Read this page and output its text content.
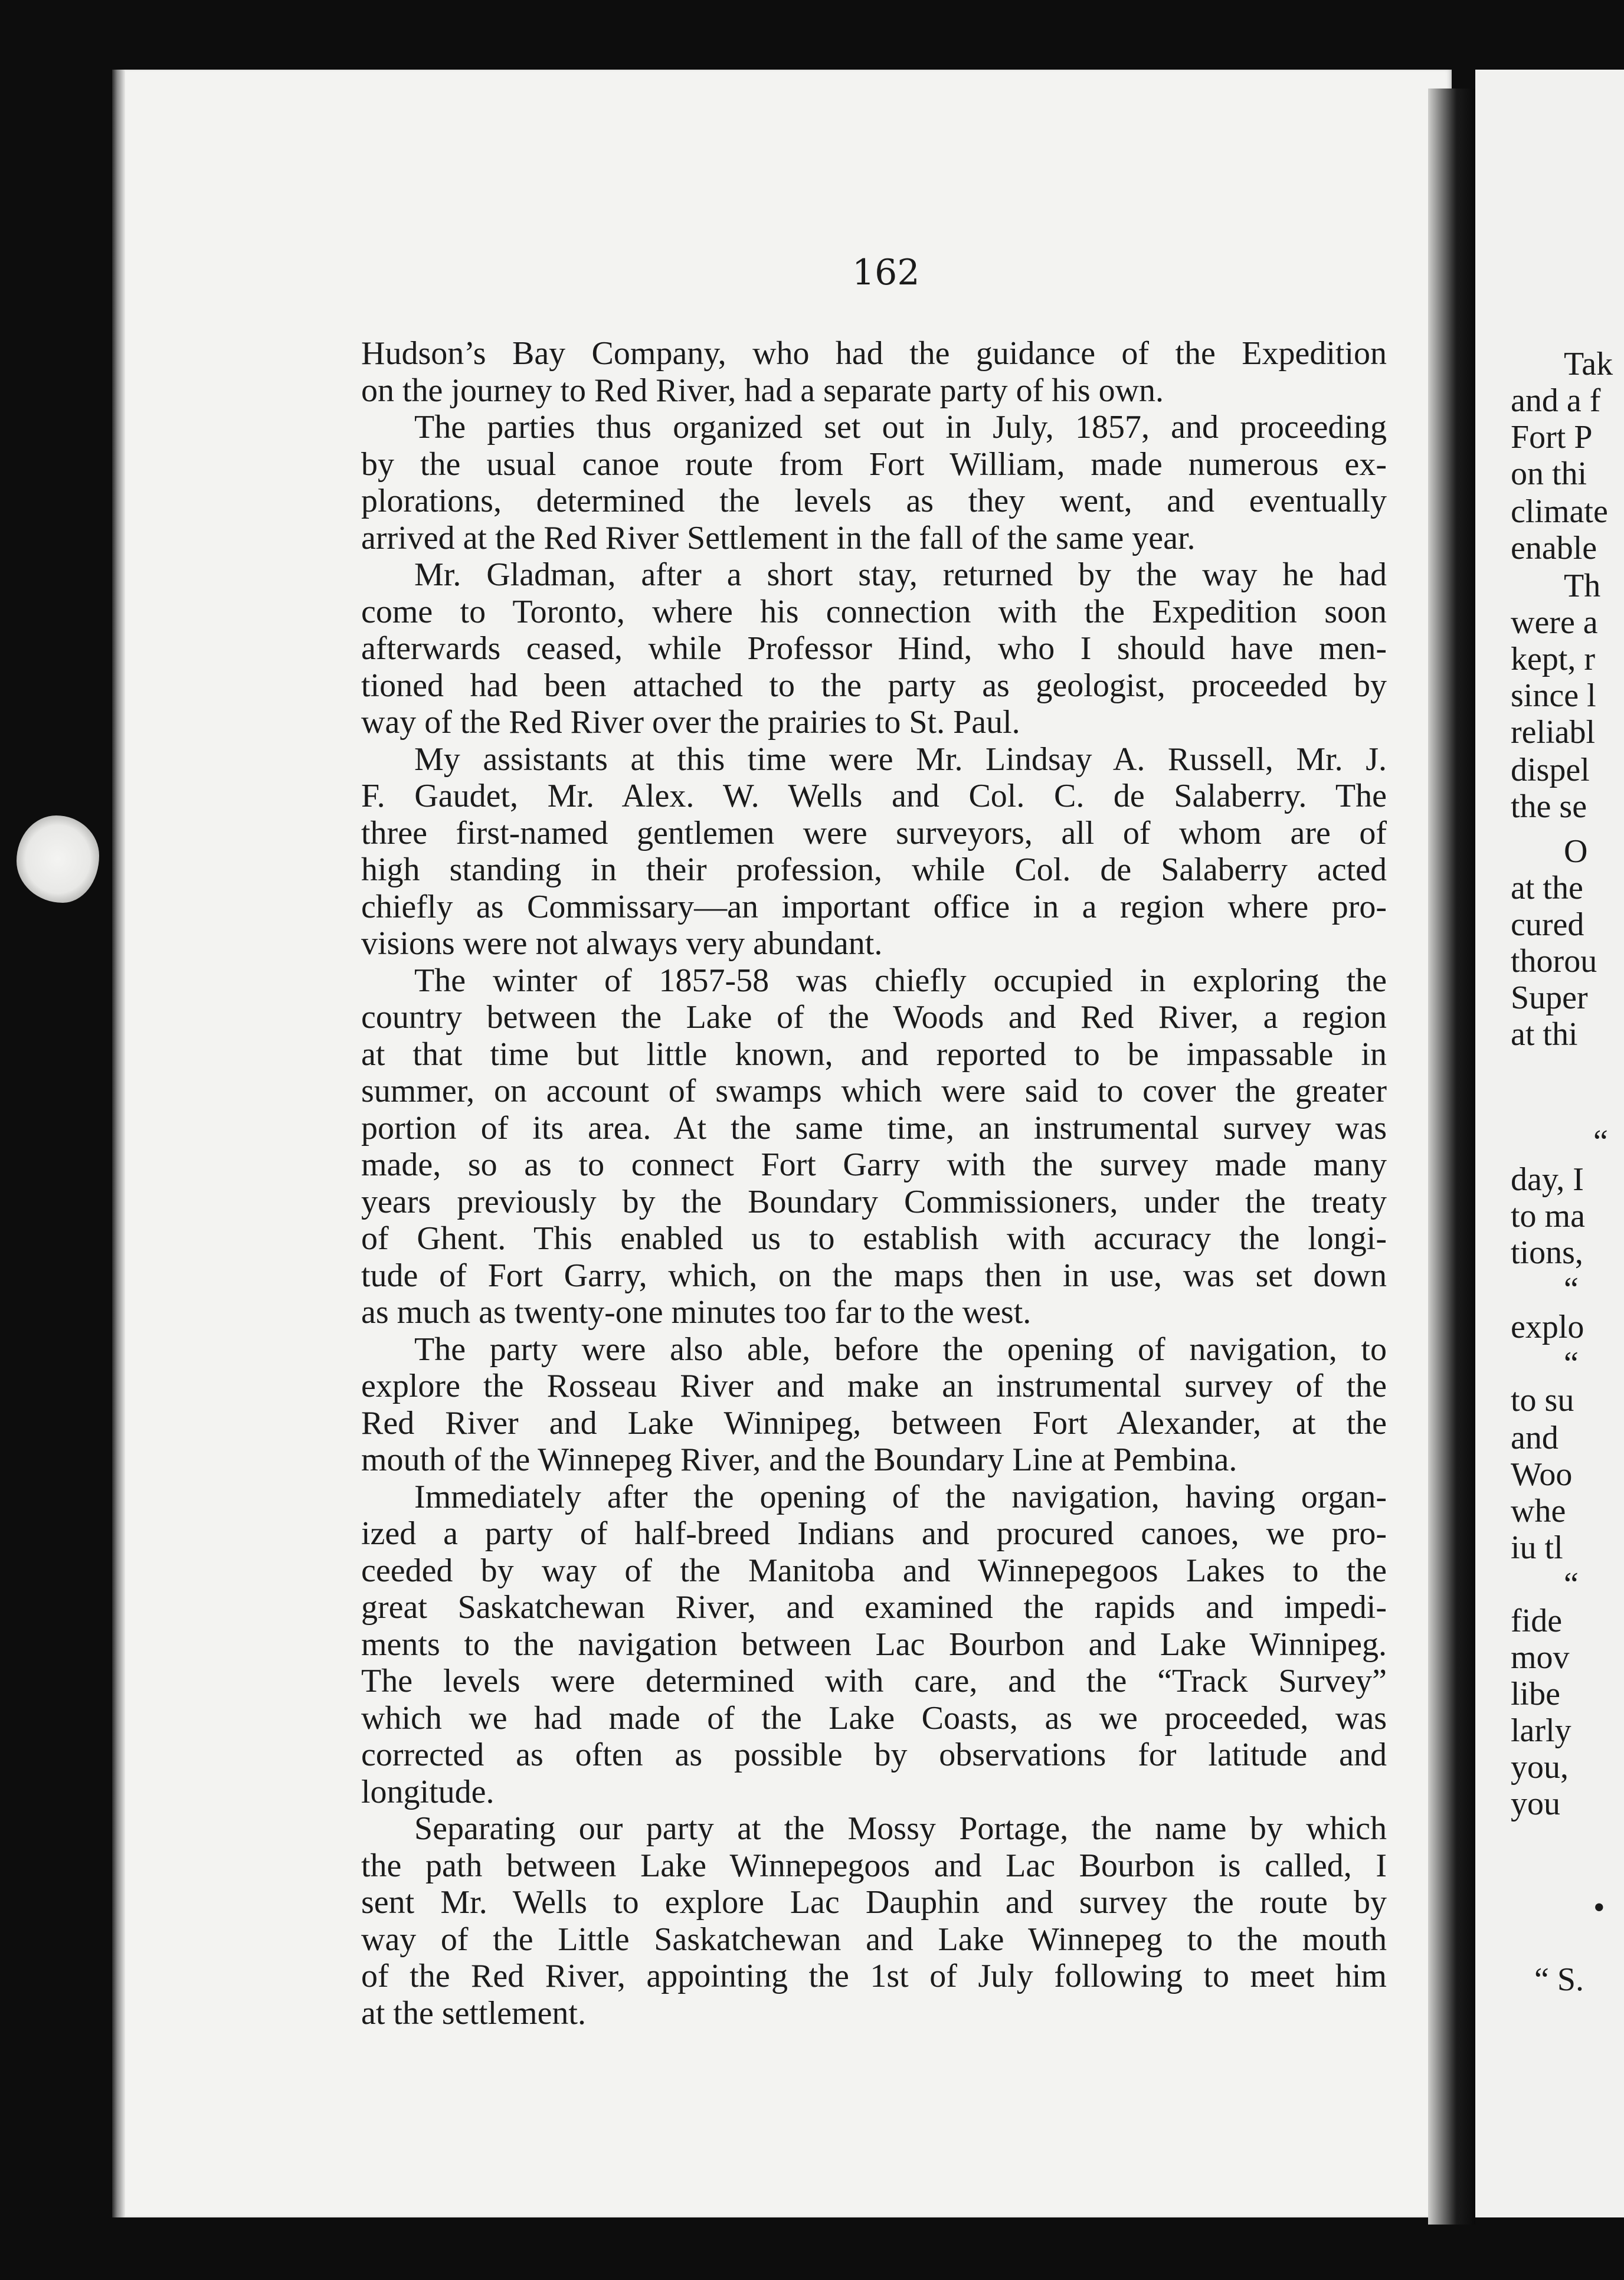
162
Hudson’s Bay Company, who had the guidance of the Expedition
on the journey to Red River, had a separate party of his own.
The parties thus organized set out in July, 1857, and proceeding
by the usual canoe route from Fort William, made numerous ex-
plorations, determined the levels as they went, and eventually
arrived at the Red River Settlement in the fall of the same year.
Mr. Gladman, after a short stay, returned by the way he had
come to Toronto, where his connection with the Expedition soon
afterwards ceased, while Professor Hind, who I should have men-
tioned had been attached to the party as geologist, proceeded by
way of the Red River over the prairies to St. Paul.
My assistants at this time were Mr. Lindsay A. Russell, Mr. J.
F. Gaudet, Mr. Alex. W. Wells and Col. C. de Salaberry. The
three first-named gentlemen were surveyors, all of whom are of
high standing in their profession, while Col. de Salaberry acted
chiefly as Commissary—an important office in a region where pro-
visions were not always very abundant.
The winter of 1857-58 was chiefly occupied in exploring the
country between the Lake of the Woods and Red River, a region
at that time but little known, and reported to be impassable in
summer, on account of swamps which were said to cover the greater
portion of its area. At the same time, an instrumental survey was
made, so as to connect Fort Garry with the survey made many
years previously by the Boundary Commissioners, under the treaty
of Ghent. This enabled us to establish with accuracy the longi-
tude of Fort Garry, which, on the maps then in use, was set down
as much as twenty-one minutes too far to the west.
The party were also able, before the opening of navigation, to
explore the Rosseau River and make an instrumental survey of the
Red River and Lake Winnipeg, between Fort Alexander, at the
mouth of the Winnepeg River, and the Boundary Line at Pembina.
Immediately after the opening of the navigation, having organ-
ized a party of half-breed Indians and procured canoes, we pro-
ceeded by way of the Manitoba and Winnepegoos Lakes to the
great Saskatchewan River, and examined the rapids and impedi-
ments to the navigation between Lac Bourbon and Lake Winnipeg.
The levels were determined with care, and the “Track Survey”
which we had made of the Lake Coasts, as we proceeded, was
corrected as often as possible by observations for latitude and
longitude.
Separating our party at the Mossy Portage, the name by which
the path between Lake Winnepegoos and Lac Bourbon is called, I
sent Mr. Wells to explore Lac Dauphin and survey the route by
way of the Little Saskatchewan and Lake Winnepeg to the mouth
of the Red River, appointing the 1st of July following to meet him
at the settlement.
Tak
and a f
Fort P
on thi
climate
enable
Th
were a
kept, r
since l
reliabl
dispel
the se
O
at the
cured
thorou
Super
at thi
“
day, I
to ma
tions,
“
explo
“
to su
and
Woo
whe
iu tl
“
fide
mov
libe
larly
you,
you
•
“ S.
